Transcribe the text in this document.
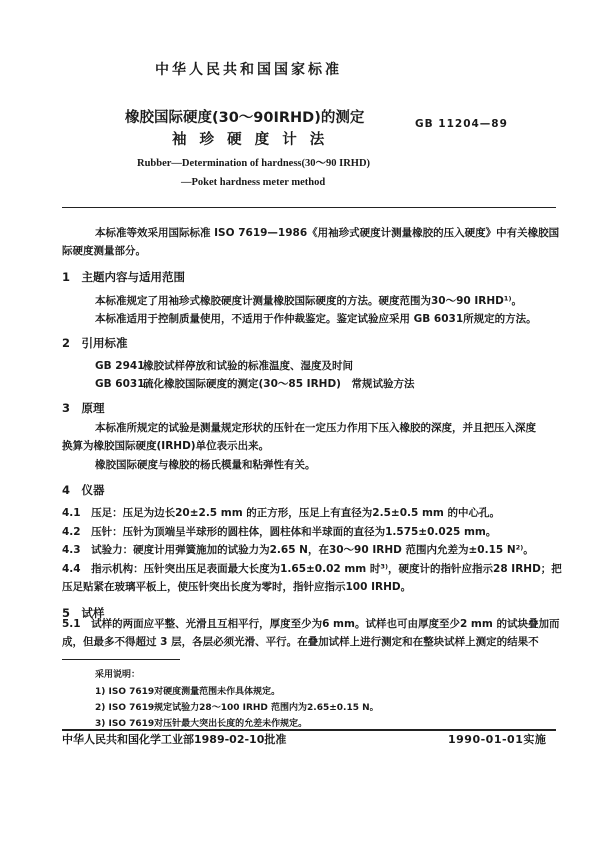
中华人民共和国国家标准
橡胶国际硬度(30～90IRHD)的测定
袖 珍 硬 度 计 法
GB 11204—89
Rubber—Determination of hardness(30～90 IRHD)
—Poket hardness meter method
本标准等效采用国际标准 ISO 7619—1986《用袖珍式硬度计测量橡胶的压入硬度》中有关橡胶国
际硬度测量部分。
1　主题内容与适用范围
本标准规定了用袖珍式橡胶硬度计测量橡胶国际硬度的方法。硬度范围为30～90 IRHD¹⁾。
本标准适用于控制质量使用，不适用于作仲裁鉴定。鉴定试验应采用 GB 6031所规定的方法。
2　引用标准
GB 2941
橡胶试样停放和试验的标准温度、湿度及时间
GB 6031
硫化橡胶国际硬度的测定(30～85 IRHD)　常规试验方法
3　原理
本标准所规定的试验是测量规定形状的压针在一定压力作用下压入橡胶的深度，并且把压入深度
换算为橡胶国际硬度(IRHD)单位表示出来。
橡胶国际硬度与橡胶的杨氏模量和粘弹性有关。
4　仪器
4.1　压足：压足为边长20±2.5 mm 的正方形，压足上有直径为2.5±0.5 mm 的中心孔。
4.2　压针：压针为顶端呈半球形的圆柱体，圆柱体和半球面的直径为1.575±0.025 mm。
4.3　试验力：硬度计用弹簧施加的试验力为2.65 N，在30～90 IRHD 范围内允差为±0.15 N²⁾。
4.4　指示机构：压针突出压足表面最大长度为1.65±0.02 mm 时³⁾，硬度计的指针应指示28 IRHD；把
压足贴紧在玻璃平板上，使压针突出长度为零时，指针应指示100 IRHD。
5　试样
5.1　试样的两面应平整、光滑且互相平行，厚度至少为6 mm。试样也可由厚度至少2 mm 的试块叠加而
成，但最多不得超过 3 层，各层必须光滑、平行。在叠加试样上进行测定和在整块试样上测定的结果不
采用说明：
1) ISO 7619对硬度测量范围未作具体规定。
2) ISO 7619规定试验力28～100 IRHD 范围内为2.65±0.15 N。
3) ISO 7619对压针最大突出长度的允差未作规定。
中华人民共和国化学工业部1989-02-10批准	1990-01-01实施
